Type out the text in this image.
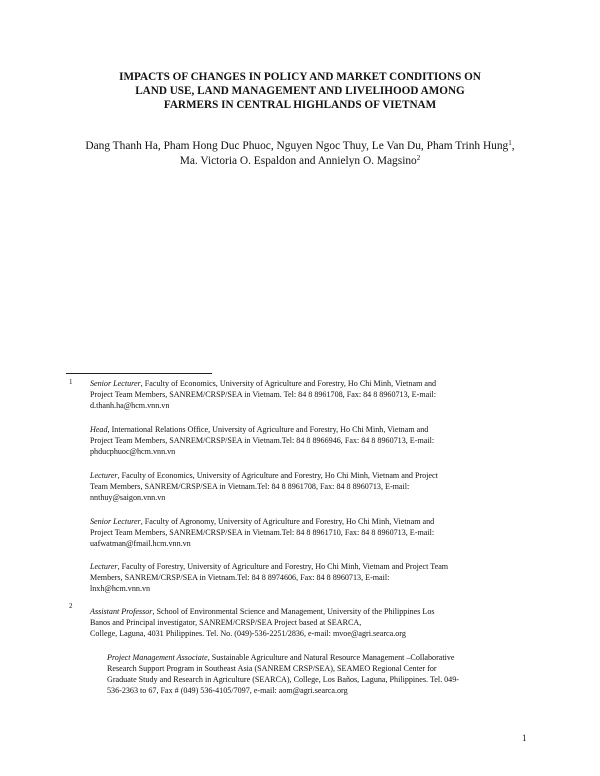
IMPACTS OF CHANGES IN POLICY AND MARKET CONDITIONS ON
LAND USE, LAND MANAGEMENT AND LIVELIHOOD AMONG
FARMERS IN CENTRAL HIGHLANDS OF VIETNAM
Dang Thanh Ha, Pham Hong Duc Phuoc, Nguyen Ngoc Thuy, Le Van Du, Pham Trinh Hung$^1$,
Ma. Victoria O. Espaldon and Annielyn O. Magsino$^2$
1 Senior Lecturer, Faculty of Economics, University of Agriculture and Forestry, Ho Chi Minh, Vietnam and
Project Team Members, SANREM/CRSP/SEA in Vietnam. Tel: 84 8 8961708, Fax: 84 8 8960713, E-mail:
d.thanh.ha@hcm.vnn.vn
Head, International Relations Office, University of Agriculture and Forestry, Ho Chi Minh, Vietnam and
Project Team Members, SANREM/CRSP/SEA in Vietnam.Tel: 84 8 8966946, Fax: 84 8 8960713, E-mail:
phducphuoc@hcm.vnn.vn
Lecturer, Faculty of Economics, University of Agriculture and Forestry, Ho Chi Minh, Vietnam and Project
Team Members, SANREM/CRSP/SEA in Vietnam.Tel: 84 8 8961708, Fax: 84 8 8960713, E-mail:
nnthuy@saigon.vnn.vn
Senior Lecturer, Faculty of Agronomy, University of Agriculture and Forestry, Ho Chi Minh, Vietnam and
Project Team Members, SANREM/CRSP/SEA in Vietnam.Tel: 84 8 8961710, Fax: 84 8 8960713, E-mail:
uafwatman@fmail.hcm.vnn.vn
Lecturer, Faculty of Forestry, University of Agriculture and Forestry, Ho Chi Minh, Vietnam and Project Team
Members, SANREM/CRSP/SEA in Vietnam.Tel: 84 8 8974606, Fax: 84 8 8960713, E-mail:
lnxh@hcm.vnn.vn
2
Assistant Professor, School of Environmental Science and Management, University of the Philippines Los
Banos and Principal investigator, SANREM/CRSP/SEA Project based at SEARCA,
College, Laguna, 4031 Philippines. Tel. No. (049)-536-2251/2836, e-mail: mvoe@agri.searca.org
Project Management Associate, Sustainable Agriculture and Natural Resource Management –Collaborative
Research Support Program in Southeast Asia (SANREM CRSP/SEA), SEAMEO Regional Center for
Graduate Study and Research in Agriculture (SEARCA), College, Los Baños, Laguna, Philippines. Tel. 049-
536-2363 to 67, Fax # (049) 536-4105/7097, e-mail: aom@agri.searca.org
1
